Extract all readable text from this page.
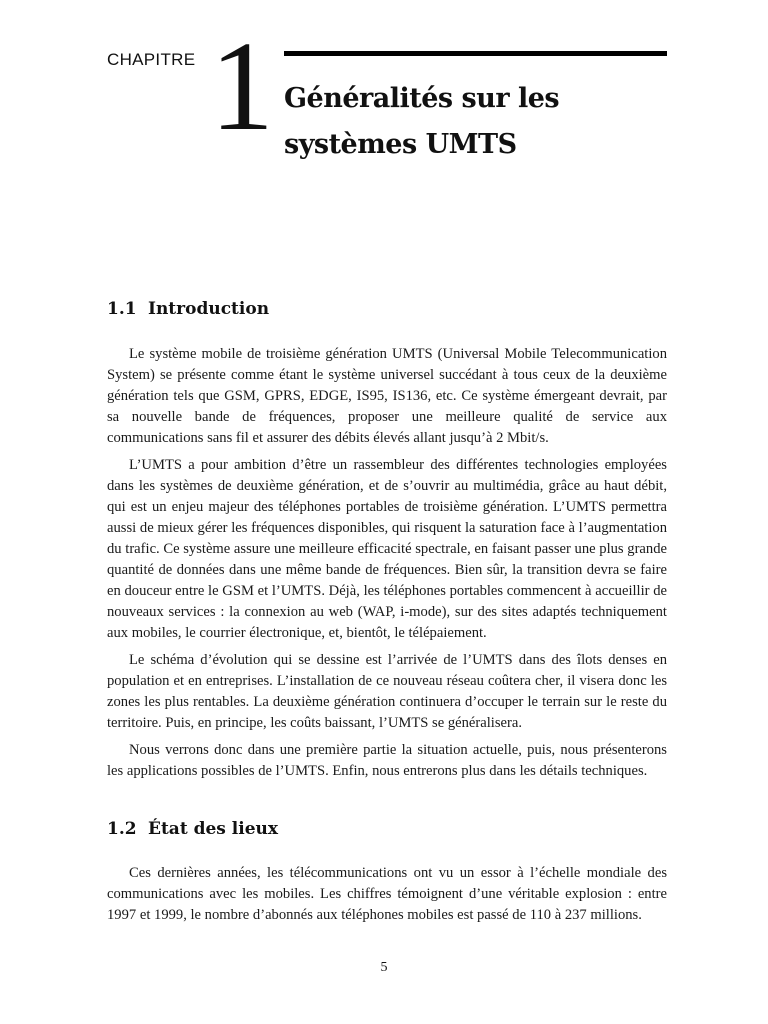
CHAPITRE 1 Généralités sur les
systèmes UMTS
1.1 Introduction

Le système mobile de troisième génération UMTS (Universal Mobile Telecommunication System) se présente comme étant le système universel succédant à tous ceux de la deuxième génération tels que GSM, GPRS, EDGE, IS95, IS136, etc. Ce système émergeant devrait, par sa nouvelle bande de fréquences, proposer une meilleure qualité de service aux communications sans fil et assurer des débits élevés allant jusqu’à 2 Mbit/s.

L’UMTS a pour ambition d’être un rassembleur des différentes technologies employées dans les systèmes de deuxième génération, et de s’ouvrir au multimédia, grâce au haut débit, qui est un enjeu majeur des téléphones portables de troisième génération. L’UMTS permettra aussi de mieux gérer les fréquences disponibles, qui risquent la saturation face à l’augmentation du trafic. Ce système assure une meilleure efficacité spectrale, en faisant passer une plus grande quantité de données dans une même bande de fréquences. Bien sûr, la transition devra se faire en douceur entre le GSM et l’UMTS. Déjà, les téléphones portables commencent à accueillir de nouveaux services : la connexion au web (WAP, i-mode), sur des sites adaptés techniquement aux mobiles, le courrier électronique, et, bientôt, le télépaiement.

Le schéma d’évolution qui se dessine est l’arrivée de l’UMTS dans des îlots denses en population et en entreprises. L’installation de ce nouveau réseau coûtera cher, il visera donc les zones les plus rentables. La deuxième génération continuera d’occuper le terrain sur le reste du territoire. Puis, en principe, les coûts baissant, l’UMTS se généralisera.

Nous verrons donc dans une première partie la situation actuelle, puis, nous présenterons les applications possibles de l’UMTS. Enfin, nous entrerons plus dans les détails techniques.

1.2 État des lieux

Ces dernières années, les télécommunications ont vu un essor à l’échelle mondiale des communications avec les mobiles. Les chiffres témoignent d’une véritable explosion : entre 1997 et 1999, le nombre d’abonnés aux téléphones mobiles est passé de 110 à 237 millions.

5
